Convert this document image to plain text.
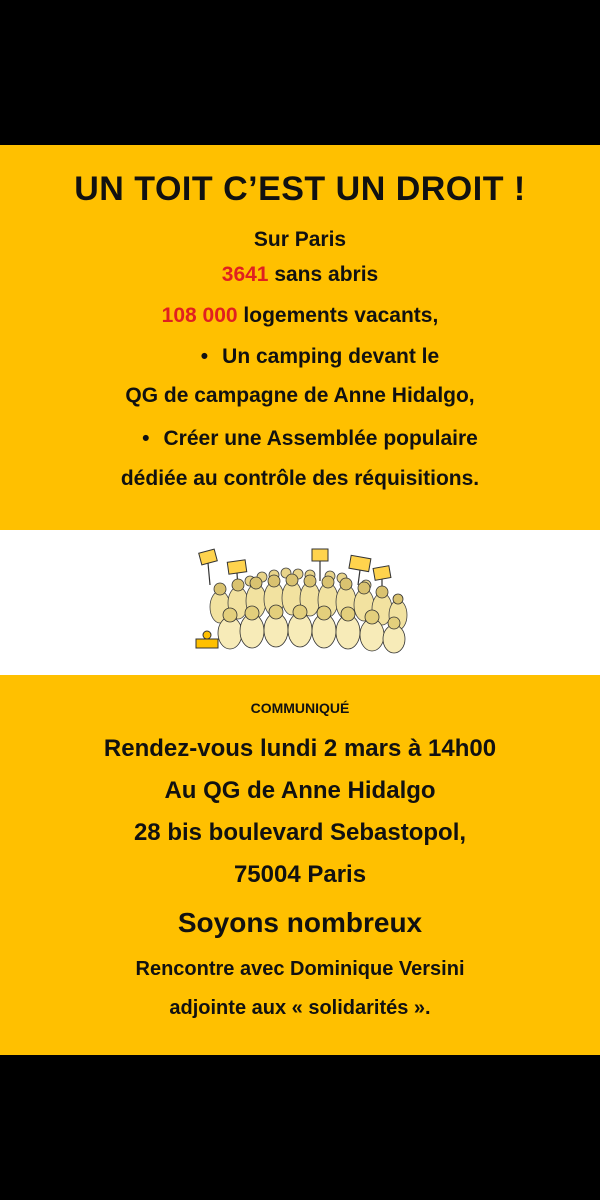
UN TOIT C’EST UN DROIT !
Sur Paris
3641 sans abris
108 000 logements vacants,
• Un camping devant le
QG de campagne de Anne Hidalgo,
• Créer une Assemblée populaire
dédiée au contrôle des réquisitions.
COMMUNIQUÉ
Rendez-vous lundi 2 mars à 14h00
Au QG de Anne Hidalgo
28 bis boulevard Sebastopol,
75004 Paris
Soyons nombreux
Rencontre avec Dominique Versini
adjointe aux « solidarités ».
